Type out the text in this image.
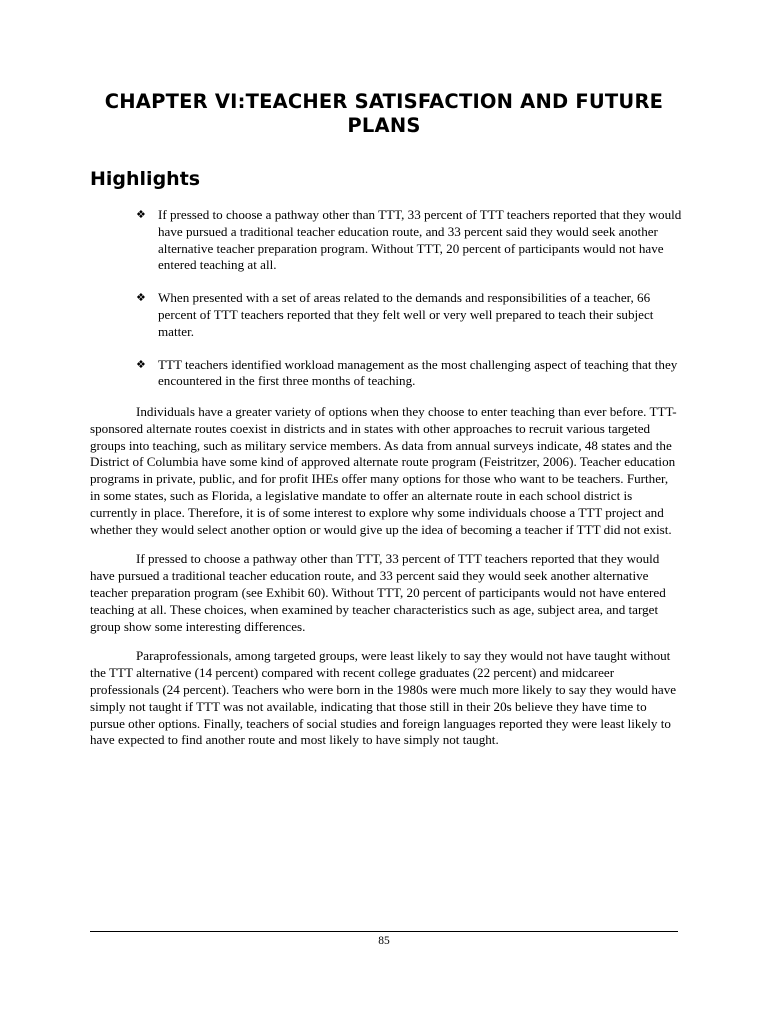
CHAPTER VI:TEACHER SATISFACTION AND FUTURE PLANS
Highlights
❖ If pressed to choose a pathway other than TTT, 33 percent of TTT teachers reported that they would have pursued a traditional teacher education route, and 33 percent said they would seek another alternative teacher preparation program. Without TTT, 20 percent of participants would not have entered teaching at all.
❖ When presented with a set of areas related to the demands and responsibilities of a teacher, 66 percent of TTT teachers reported that they felt well or very well prepared to teach their subject matter.
❖ TTT teachers identified workload management as the most challenging aspect of teaching that they encountered in the first three months of teaching.

Individuals have a greater variety of options when they choose to enter teaching than ever before. TTT-sponsored alternate routes coexist in districts and in states with other approaches to recruit various targeted groups into teaching, such as military service members. As data from annual surveys indicate, 48 states and the District of Columbia have some kind of approved alternate route program (Feistritzer, 2006). Teacher education programs in private, public, and for profit IHEs offer many options for those who want to be teachers. Further, in some states, such as Florida, a legislative mandate to offer an alternate route in each school district is currently in place. Therefore, it is of some interest to explore why some individuals choose a TTT project and whether they would select another option or would give up the idea of becoming a teacher if TTT did not exist.

If pressed to choose a pathway other than TTT, 33 percent of TTT teachers reported that they would have pursued a traditional teacher education route, and 33 percent said they would seek another alternative teacher preparation program (see Exhibit 60). Without TTT, 20 percent of participants would not have entered teaching at all. These choices, when examined by teacher characteristics such as age, subject area, and target group show some interesting differences.

Paraprofessionals, among targeted groups, were least likely to say they would not have taught without the TTT alternative (14 percent) compared with recent college graduates (22 percent) and midcareer professionals (24 percent). Teachers who were born in the 1980s were much more likely to say they would have simply not taught if TTT was not available, indicating that those still in their 20s believe they have time to pursue other options. Finally, teachers of social studies and foreign languages reported they were least likely to have expected to find another route and most likely to have simply not taught.

85
